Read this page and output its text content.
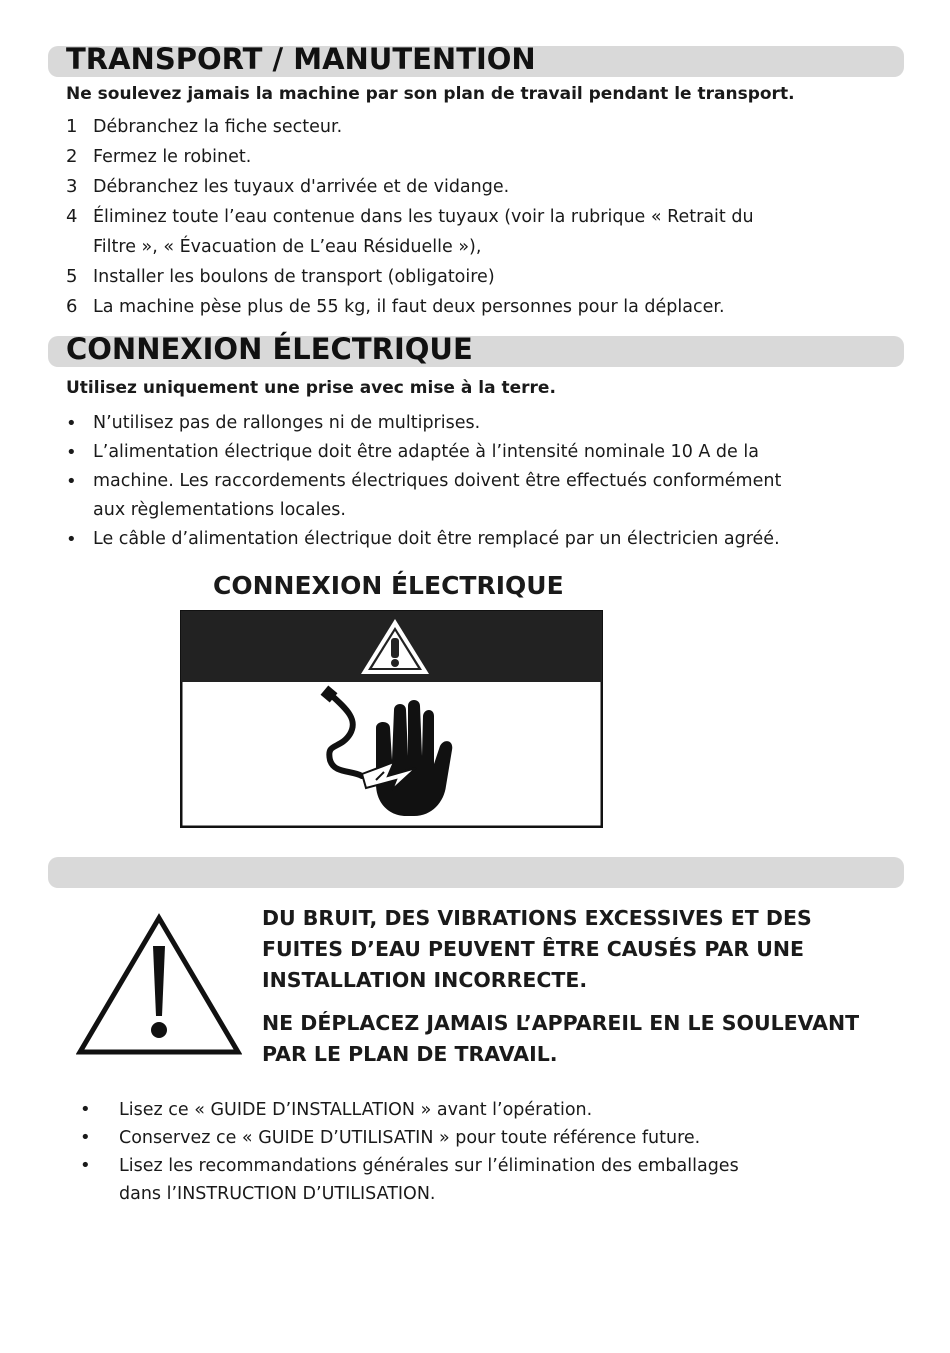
TRANSPORT / MANUTENTION
Ne soulevez jamais la machine par son plan de travail pendant le transport.
1 Débranchez la fiche secteur.
2 Fermez le robinet.
3 Débranchez les tuyaux d'arrivée et de vidange.
4 Éliminez toute l’eau contenue dans les tuyaux (voir la rubrique « Retrait du
Filtre », « Évacuation de L’eau Résiduelle »),
5 Installer les boulons de transport (obligatoire)
6 La machine pèse plus de 55 kg, il faut deux personnes pour la déplacer.
CONNEXION ÉLECTRIQUE
Utilisez uniquement une prise avec mise à la terre.
• N’utilisez pas de rallonges ni de multiprises.
• L’alimentation électrique doit être adaptée à l’intensité nominale 10 A de la
• machine. Les raccordements électriques doivent être effectués conformément
aux règlementations locales.
• Le câble d’alimentation électrique doit être remplacé par un électricien agréé.
CONNEXION ÉLECTRIQUE

DU BRUIT, DES VIBRATIONS EXCESSIVES ET DES FUITES D’EAU PEUVENT ÊTRE CAUSÉS PAR UNE INSTALLATION INCORRECTE.

NE DÉPLACEZ JAMAIS L’APPAREIL EN LE SOULEVANT PAR LE PLAN DE TRAVAIL.

• Lisez ce « GUIDE D’INSTALLATION » avant l’opération.
• Conservez ce « GUIDE D’UTILISATIN » pour toute référence future.
• Lisez les recommandations générales sur l’élimination des emballages
dans l’INSTRUCTION D’UTILISATION.
